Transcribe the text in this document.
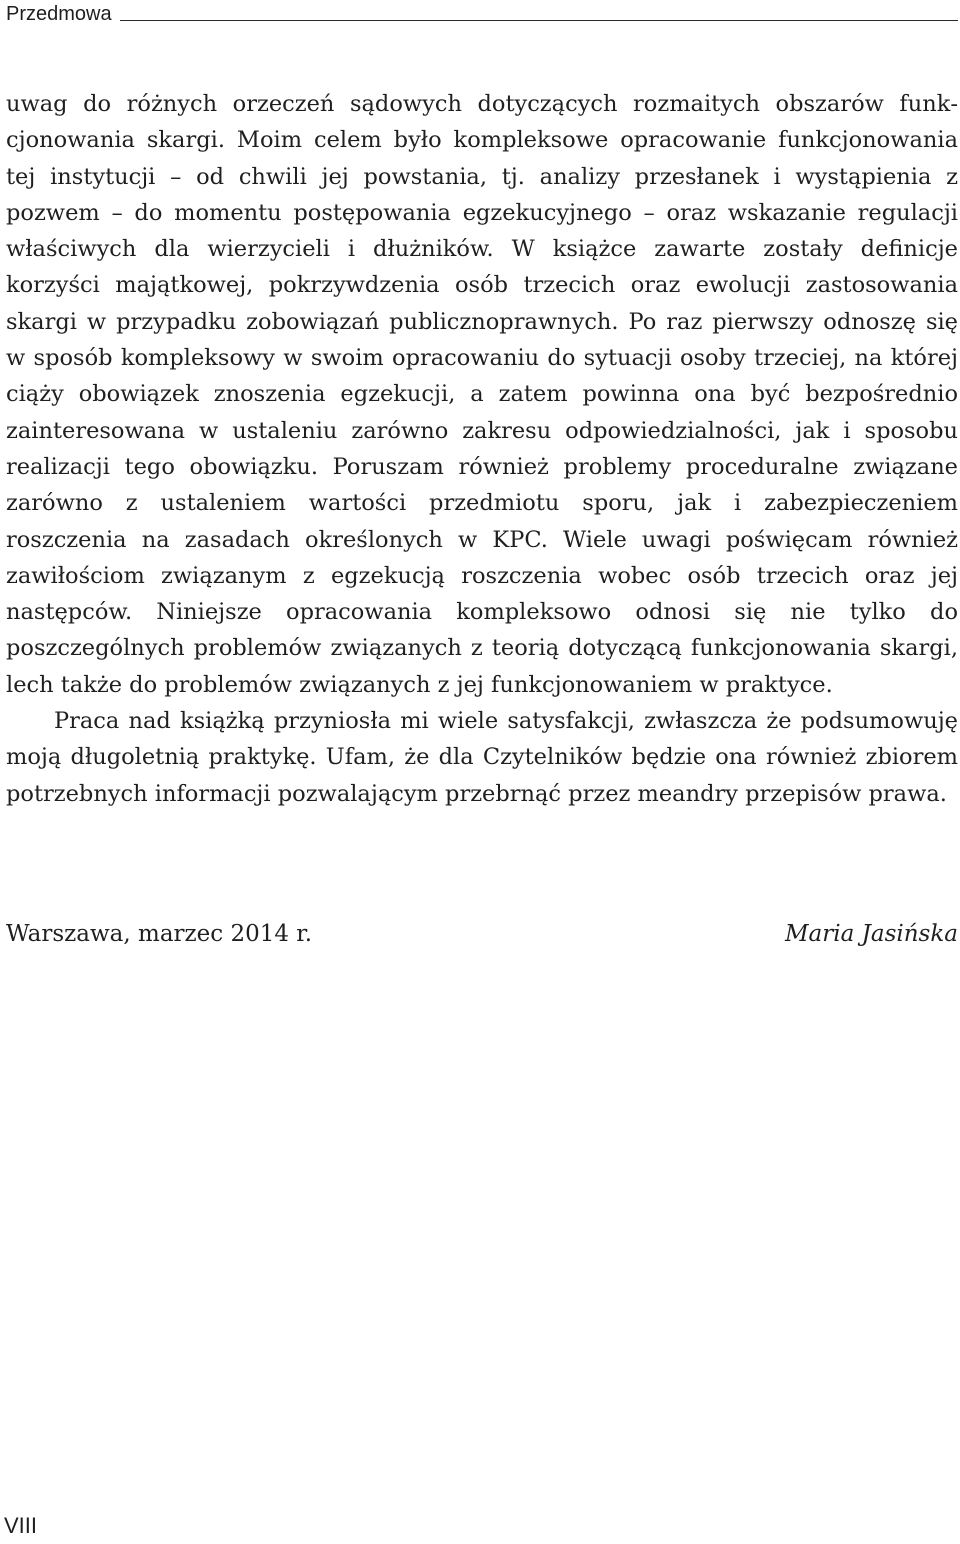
Przedmowa

uwag do różnych orzeczeń sądowych dotyczących rozmaitych obszarów funkcjonowania skargi. Moim celem było kompleksowe opracowanie funkcjonowania tej instytucji – od chwili jej powstania, tj. analizy przesłanek i wystąpienia z pozwem – do momentu postępowania egzekucyjnego – oraz wskazanie regulacji właściwych dla wierzycieli i dłużników. W książce zawarte zostały definicje korzyści majątkowej, pokrzywdzenia osób trzecich oraz ewolucji zastosowania skargi w przypadku zobowiązań publicznoprawnych. Po raz pierwszy odnoszę się w sposób kompleksowy w swoim opracowaniu do sytuacji osoby trzeciej, na której ciąży obowiązek znoszenia egzekucji, a zatem powinna ona być bezpośrednio zainteresowana w ustaleniu zarówno zakresu odpowiedzialności, jak i sposobu realizacji tego obowiązku. Poruszam również problemy proceduralne związane zarówno z ustaleniem wartości przedmiotu sporu, jak i zabezpieczeniem roszczenia na zasadach określonych w KPC. Wiele uwagi poświęcam również zawiłościom związanym z egzekucją roszczenia wobec osób trzecich oraz jej następców. Niniejsze opracowania kompleksowo odnosi się nie tylko do poszczególnych problemów związanych z teorią dotyczącą funkcjonowania skargi, lech także do problemów związanych z jej funkcjonowaniem w praktyce.

Praca nad książką przyniosła mi wiele satysfakcji, zwłaszcza że podsumowuję moją długoletnią praktykę. Ufam, że dla Czytelników będzie ona również zbiorem potrzebnych informacji pozwalającym przebrnąć przez meandry przepisów prawa.

Warszawa, marzec 2014 r.	Maria Jasińska
VIII
